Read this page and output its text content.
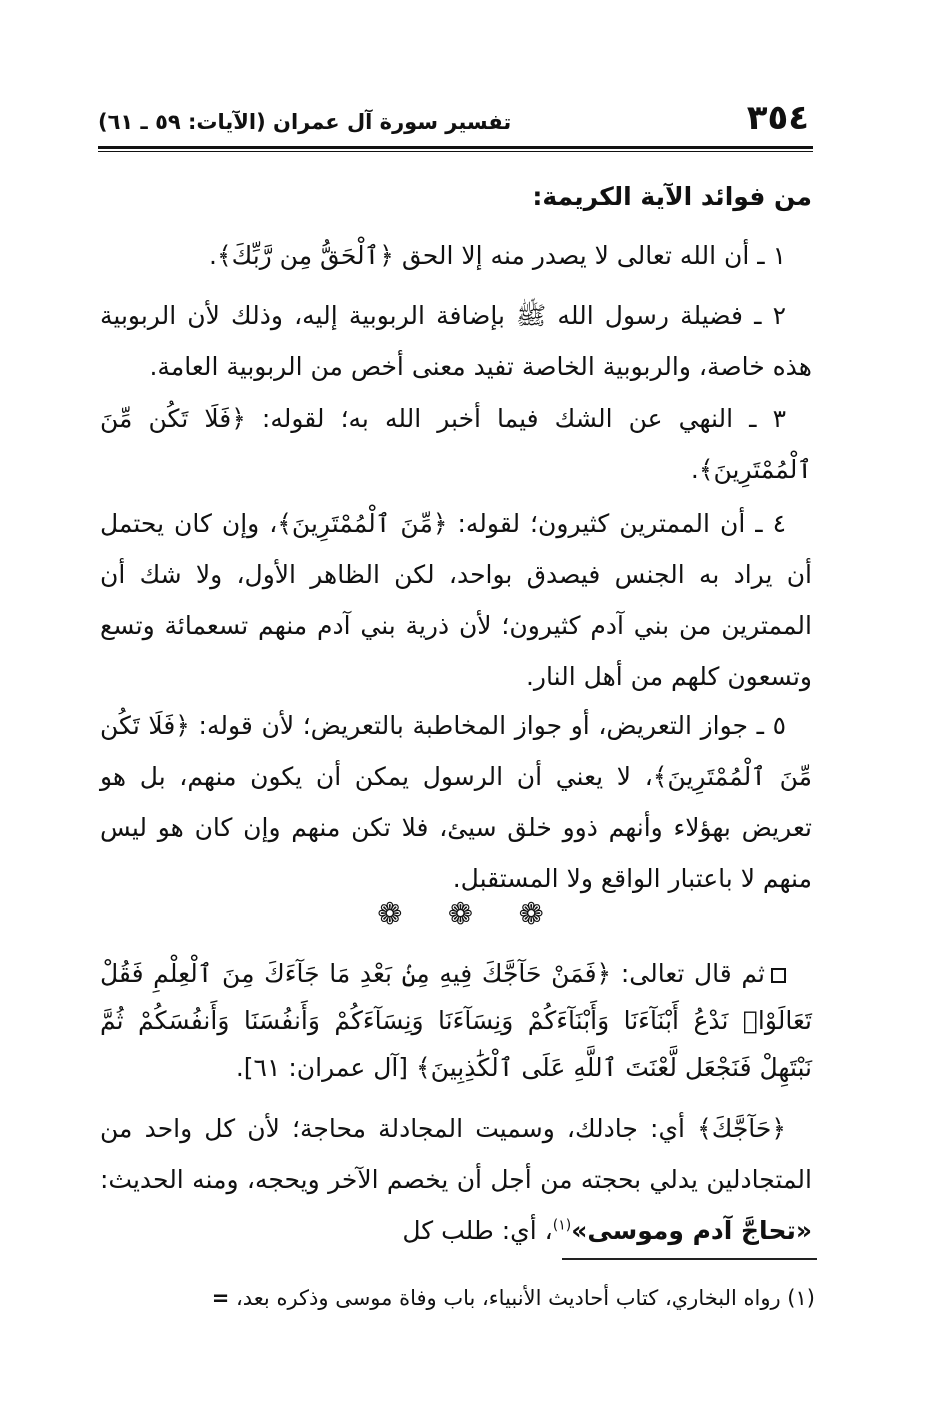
٣٥٤
تفسير سورة آل عمران (الآيات: ٥٩ ـ ٦١)
من فوائد الآية الكريمة:

١ ـ أن الله تعالى لا يصدر منه إلا الحق ﴿ٱلْحَقُّ مِن رَّبِّكَ﴾.

٢ ـ فضيلة رسول الله ﷺ بإضافة الربوبية إليه، وذلك لأن الربوبية هذه خاصة، والربوبية الخاصة تفيد معنى أخص من الربوبية العامة.

٣ ـ النهي عن الشك فيما أخبر الله به؛ لقوله: ﴿فَلَا تَكُن مِّنَ ٱلْمُمْتَرِينَ﴾.

٤ ـ أن الممترين كثيرون؛ لقوله: ﴿مِّنَ ٱلْمُمْتَرِينَ﴾، وإن كان يحتمل أن يراد به الجنس فيصدق بواحد، لكن الظاهر الأول، ولا شك أن الممترين من بني آدم كثيرون؛ لأن ذرية بني آدم منهم تسعمائة وتسع وتسعون كلهم من أهل النار.

٥ ـ جواز التعريض، أو جواز المخاطبة بالتعريض؛ لأن قوله: ﴿فَلَا تَكُن مِّنَ ٱلْمُمْتَرِينَ﴾، لا يعني أن الرسول يمكن أن يكون منهم، بل هو تعريض بهؤلاء وأنهم ذوو خلق سيئ، فلا تكن منهم وإن كان هو ليس منهم لا باعتبار الواقع ولا المستقبل.

❁ ❁ ❁

ثم قال تعالى: ﴿فَمَنْ حَآجَّكَ فِيهِ مِنۢ بَعْدِ مَا جَآءَكَ مِنَ ٱلْعِلْمِ فَقُلْ تَعَالَوْا۟ نَدْعُ أَبْنَآءَنَا وَأَبْنَآءَكُمْ وَنِسَآءَنَا وَنِسَآءَكُمْ وَأَنفُسَنَا وَأَنفُسَكُمْ ثُمَّ نَبْتَهِلْ فَنَجْعَل لَّعْنَتَ ٱللَّهِ عَلَى ٱلْكَٰذِبِينَ﴾ [آل عمران: ٦١].

﴿حَآجَّكَ﴾ أي: جادلك، وسميت المجادلة محاجة؛ لأن كل واحد من المتجادلين يدلي بحجته من أجل أن يخصم الآخر ويحجه، ومنه الحديث: «تحاجَّ آدم وموسى»$^{(١)}$، أي: طلب كل

(١) رواه البخاري، كتاب أحاديث الأنبياء، باب وفاة موسى وذكره بعد، =
